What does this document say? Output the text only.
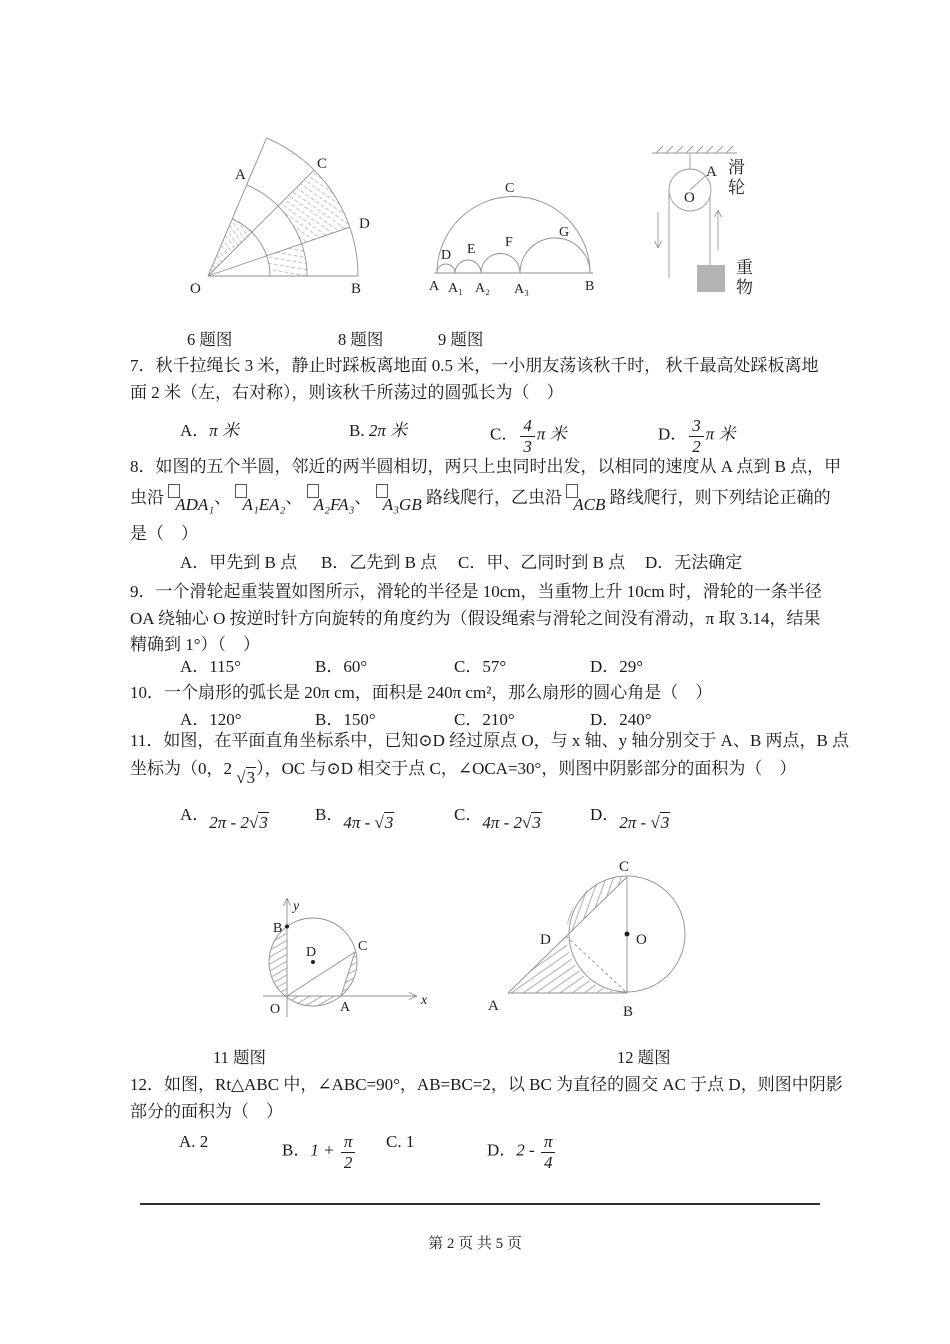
O
A
C
D
B
C
D E F
G
A A₁ A₂ A₃	B
A
O 滑轮
重物
6 题图	8 题图	9 题图
7．秋千拉绳长 3 米，静止时踩板离地面 0.5 米，一小朋友荡该秋千时， 秋千最高处踩板离地
面 2 米（左，右对称），则该秋千所荡过的圆弧长为（　）
A．π 米	B. 2π 米	C． $\frac{4}{3}$ π 米	D． $\frac{3}{2}$ π 米
8．如图的五个半圆，邻近的两半圆相切，两只上虫同时出发，以相同的速度从 A 点到 B 点，甲
虫沿 ADA₁、 A₁EA₂、 A₂FA₃、 A₃GB 路线爬行，乙虫沿 ACB 路线爬行，则下列结论正确的
是（　）
A．甲先到 B 点 B．乙先到 B 点 C．甲、乙同时到 B 点 D．无法确定
9．一个滑轮起重装置如图所示，滑轮的半径是 10cm，当重物上升 10cm 时，滑轮的一条半径
OA 绕轴心 O 按逆时针方向旋转的角度约为（假设绳索与滑轮之间没有滑动，π 取 3.14，结果
精确到 1°）（　）
A．115°	B．60°	C．57°	D．29°
10．一个扇形的弧长是 20π cm，面积是 240π cm²，那么扇形的圆心角是（　）
A．120°	B．150°	C．210°	D．240°
11．如图，在平面直角坐标系中，已知⊙D 经过原点 O，与 x 轴、y 轴分别交于 A、B 两点，B 点
坐标为（0，2 √3），OC 与⊙D 相交于点 C，∠OCA=30°，则图中阴影部分的面积为（　）
A．2π - 2√3	B．4π - √3	C．4π - 2√3	D．2π - √3
y
x
O	A
B
C
D
A	B
C
D	O
11 题图	12 题图
12．如图，Rt△ABC 中，∠ABC=90°，AB=BC=2，以 BC 为直径的圆交 AC 于点 D，则图中阴影
部分的面积为（　）
A. 2	B．$1 + \frac{\pi}{2} C$. 1	D．$2 - \frac{\pi}{4}$
第 2 页 共 5 页
